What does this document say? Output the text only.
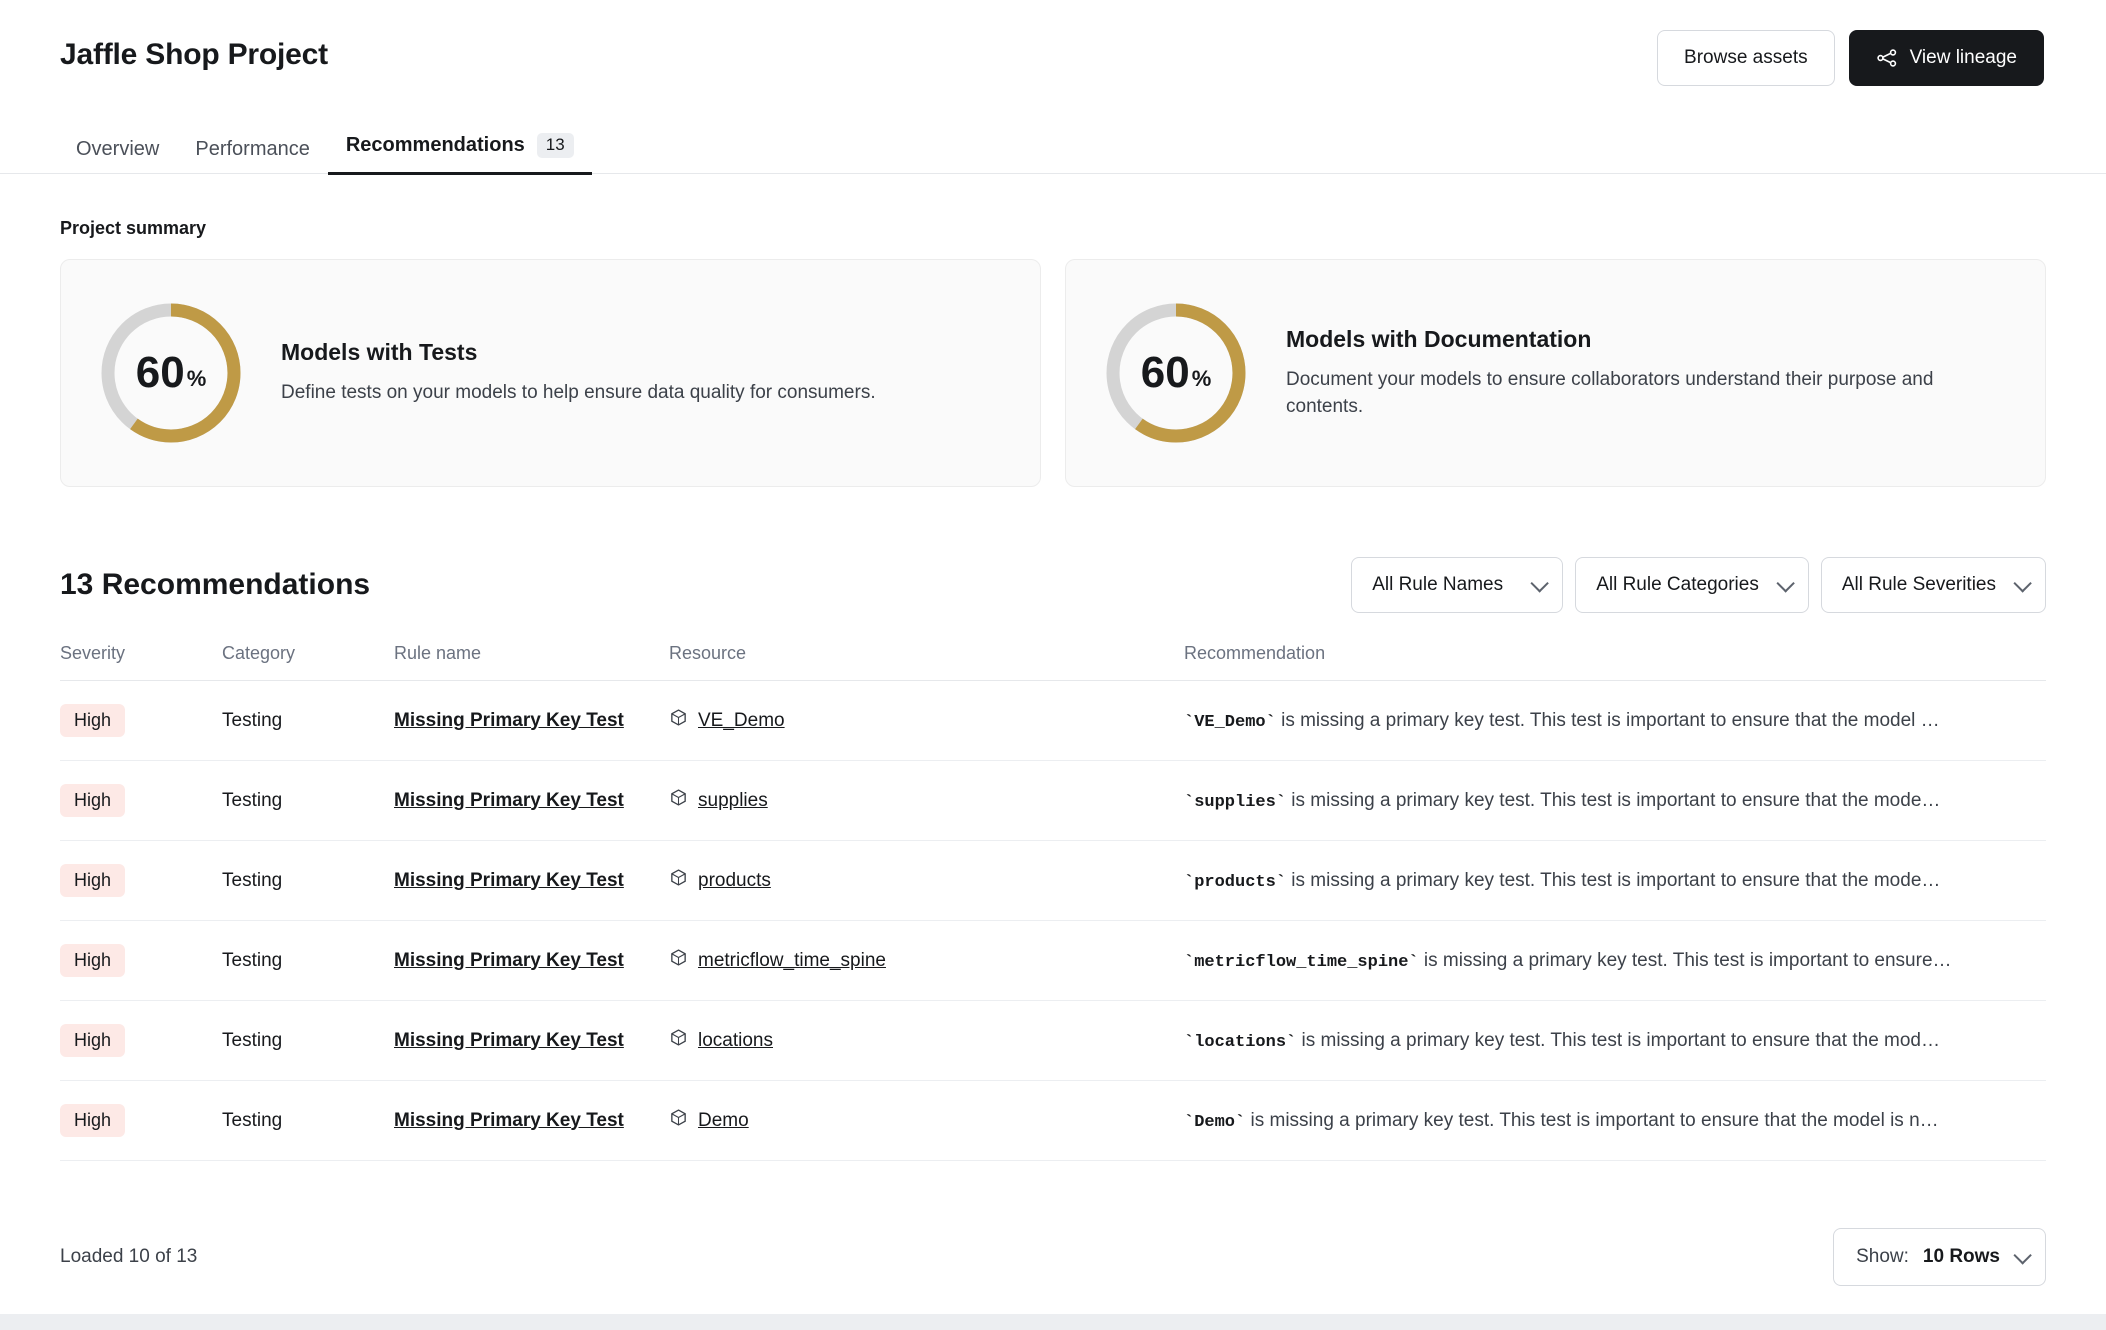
Jaffle Shop Project	Browse assets	View lineage
Overview Performance Recommendations	13
Project summary
60 %
Models with Tests
Define tests on your models to help ensure data quality for consumers.	60 %
Models with Documentation
Document your models to ensure collaborators understand their purpose and contents.
13 Recommendations	All Rule Names	All Rule Categories	All Rule Severities
Severity	Category	Rule name	Resource	Recommendation
High	Testing	Missing Primary Key Test	VE_Demo	`VE_Demo` is missing a primary key test. This test is important to ensure that the model …

High	Testing	Missing Primary Key Test	supplies	`supplies` is missing a primary key test. This test is important to ensure that the mode…

High	Testing	Missing Primary Key Test	products	`products` is missing a primary key test. This test is important to ensure that the mode…

High	Testing	Missing Primary Key Test	metricflow_time_spine	`metricflow_time_spine` is missing a primary key test. This test is important to ensure…

High	Testing	Missing Primary Key Test	locations	`locations` is missing a primary key test. This test is important to ensure that the mod…

High	Testing	Missing Primary Key Test	Demo	`Demo` is missing a primary key test. This test is important to ensure that the model is n…
Loaded 10 of 13	Show: 10 Rows
